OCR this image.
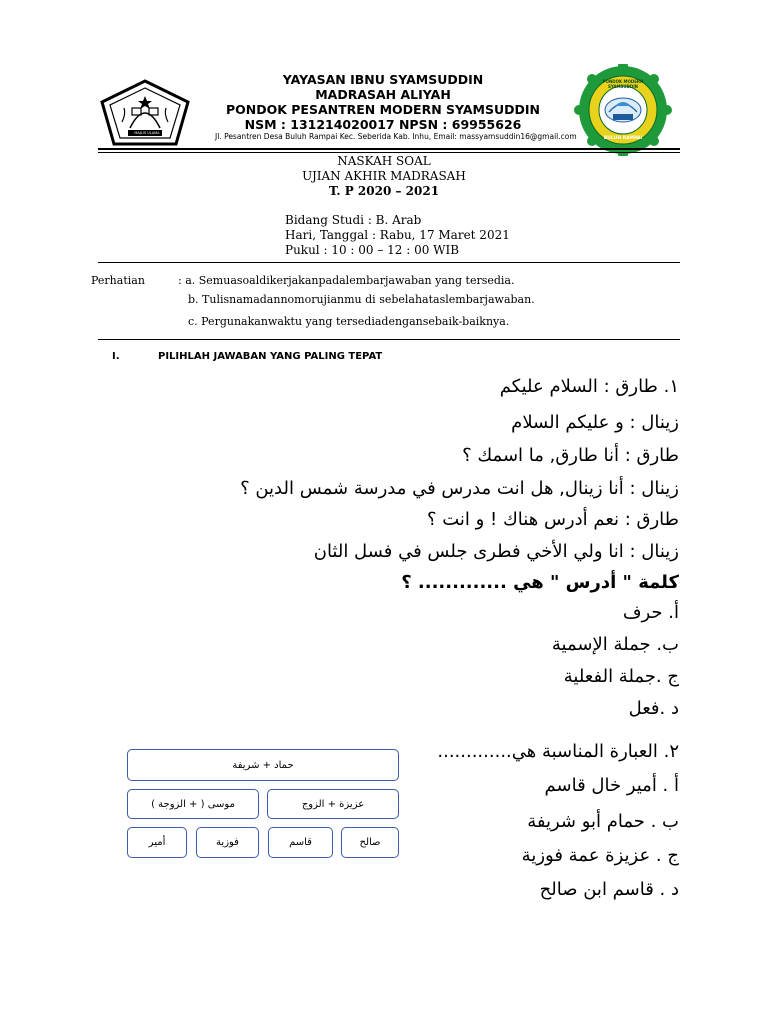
MAJLIS ULAMA
YAYASAN IBNU SYAMSUDDIN
MADRASAH ALIYAH
PONDOK PESANTREN MODERN SYAMSUDDIN
NSM : 131214020017 NPSN : 69955626
Jl. Pesantren Desa Buluh Rampai Kec. Seberida Kab. Inhu, Email: massyamsuddin16@gmail.com
PONDOK MODERN SYAMSUDDIN
BULUH RAMPAI
NASKAH SOAL
UJIAN AKHIR MADRASAH
T. P 2020 – 2021
Bidang Studi : B. Arab
Hari, Tanggal : Rabu, 17 Maret 2021
Pukul : 10 : 00 – 12 : 00 WIB
Perhatian	: a. Semuasoaldikerjakanpadalembarjawaban yang tersedia.
b. Tulisnamadannomorujianmu di sebelahataslembarjawaban.
c. Pergunakanwaktu yang tersediadengansebaik-baiknya.
I.	PILIHLAH JAWABAN YANG PALING TEPAT
١. طارق : السلام عليكم
زينال : و عليكم السلام
طارق : أنا طارق, ما اسمك ؟
زينال : أنا زينال, هل انت مدرس في مدرسة شمس الدين ؟
طارق : نعم أدرس هناك ! و انت ؟
زينال : انا ولي الأخي فطرى جلس في فسل الثان
كلمة " أدرس " هي ............. ؟
أ. حرف
ب. جملة الإسمية
ج .جملة الفعلية
د .فعل
٢. العبارة المناسبة هي.............
أ . أمير خال قاسم
ب . حمام أبو شريفة
ج . عزيزة عمة فوزية
د . قاسم ابن صالح
حماد + شريفة
موسى ( + الزوجة )	عزيزة + الزوج
أمير	فوزية	قاسم	صالح
